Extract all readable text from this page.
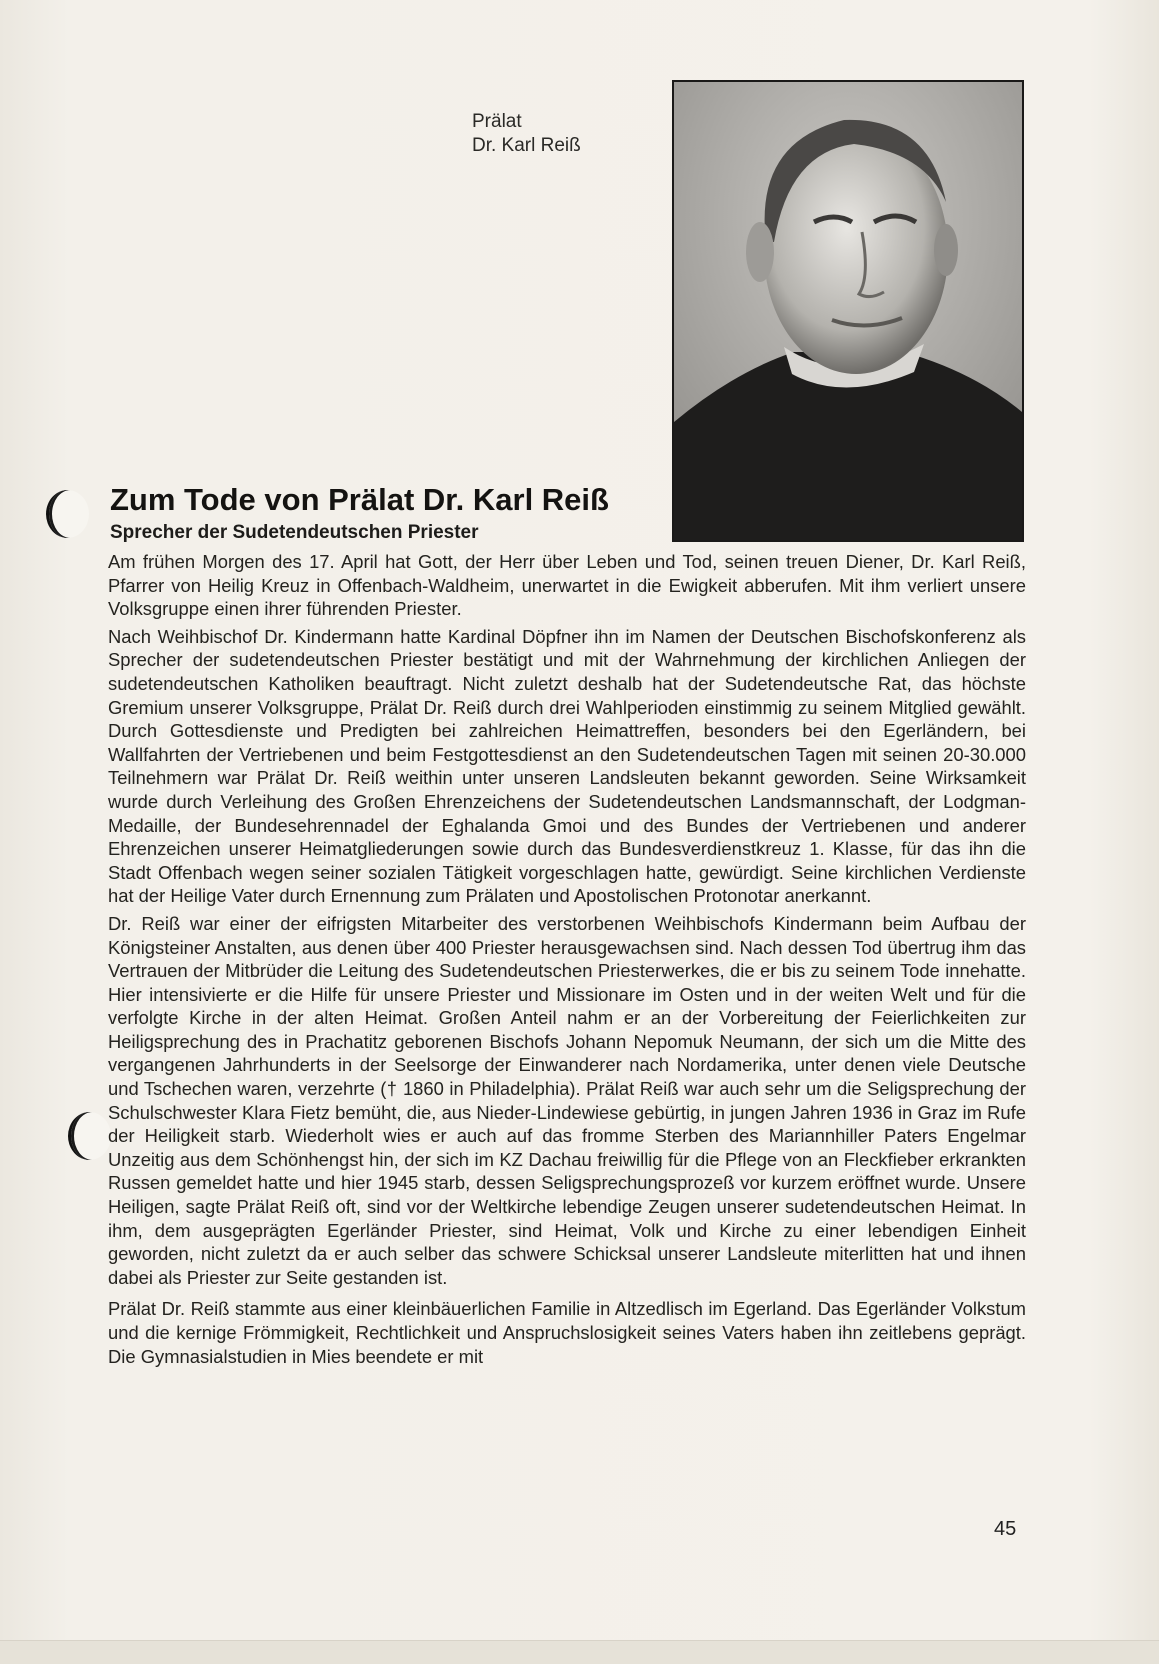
Prälat
Dr. Karl Reiß
Zum Tode von Prälat Dr. Karl Reiß
Sprecher der Sudetendeutschen Priester

Am frühen Morgen des 17. April hat Gott, der Herr über Leben und Tod, seinen treuen Diener, Dr. Karl Reiß, Pfarrer von Heilig Kreuz in Offenbach-Waldheim, unerwartet in die Ewigkeit abberufen. Mit ihm verliert unsere Volksgruppe einen ihrer führenden Priester.

Nach Weihbischof Dr. Kindermann hatte Kardinal Döpfner ihn im Namen der Deutschen Bischofskonferenz als Sprecher der sudetendeutschen Priester bestätigt und mit der Wahrnehmung der kirchlichen Anliegen der sudetendeutschen Katholiken beauftragt. Nicht zuletzt deshalb hat der Sudetendeutsche Rat, das höchste Gremium unserer Volksgruppe, Prälat Dr. Reiß durch drei Wahlperioden einstimmig zu seinem Mitglied gewählt. Durch Gottesdienste und Predigten bei zahlreichen Heimattreffen, besonders bei den Egerländern, bei Wallfahrten der Vertriebenen und beim Festgottesdienst an den Sudetendeutschen Tagen mit seinen 20-30.000 Teilnehmern war Prälat Dr. Reiß weithin unter unseren Landsleuten bekannt geworden. Seine Wirksamkeit wurde durch Verleihung des Großen Ehrenzeichens der Sudetendeutschen Landsmannschaft, der Lodgman-Medaille, der Bundesehrennadel der Eghalanda Gmoi und des Bundes der Vertriebenen und anderer Ehrenzeichen unserer Heimatgliederungen sowie durch das Bundesverdienstkreuz 1. Klasse, für das ihn die Stadt Offenbach wegen seiner sozialen Tätigkeit vorgeschlagen hatte, gewürdigt. Seine kirchlichen Verdienste hat der Heilige Vater durch Ernennung zum Prälaten und Apostolischen Protonotar anerkannt.

Dr. Reiß war einer der eifrigsten Mitarbeiter des verstorbenen Weihbischofs Kindermann beim Aufbau der Königsteiner Anstalten, aus denen über 400 Priester herausgewachsen sind. Nach dessen Tod übertrug ihm das Vertrauen der Mitbrüder die Leitung des Sudetendeutschen Priesterwerkes, die er bis zu seinem Tode innehatte. Hier intensivierte er die Hilfe für unsere Priester und Missionare im Osten und in der weiten Welt und für die verfolgte Kirche in der alten Heimat. Großen Anteil nahm er an der Vorbereitung der Feierlichkeiten zur Heiligsprechung des in Prachatitz geborenen Bischofs Johann Nepomuk Neumann, der sich um die Mitte des vergangenen Jahrhunderts in der Seelsorge der Einwanderer nach Nordamerika, unter denen viele Deutsche und Tschechen waren, verzehrte († 1860 in Philadelphia). Prälat Reiß war auch sehr um die Seligsprechung der Schulschwester Klara Fietz bemüht, die, aus Nieder-Lindewiese gebürtig, in jungen Jahren 1936 in Graz im Rufe der Heiligkeit starb. Wiederholt wies er auch auf das fromme Sterben des Mariannhiller Paters Engelmar Unzeitig aus dem Schönhengst hin, der sich im KZ Dachau freiwillig für die Pflege von an Fleckfieber erkrankten Russen gemeldet hatte und hier 1945 starb, dessen Seligsprechungsprozeß vor kurzem eröffnet wurde. Unsere Heiligen, sagte Prälat Reiß oft, sind vor der Weltkirche lebendige Zeugen unserer sudetendeutschen Heimat. In ihm, dem ausgeprägten Egerländer Priester, sind Heimat, Volk und Kirche zu einer lebendigen Einheit geworden, nicht zuletzt da er auch selber das schwere Schicksal unserer Landsleute miterlitten hat und ihnen dabei als Priester zur Seite gestanden ist.

Prälat Dr. Reiß stammte aus einer kleinbäuerlichen Familie in Altzedlisch im Egerland. Das Egerländer Volkstum und die kernige Frömmigkeit, Rechtlichkeit und Anspruchslosigkeit seines Vaters haben ihn zeitlebens geprägt. Die Gymnasialstudien in Mies beendete er mit

45
